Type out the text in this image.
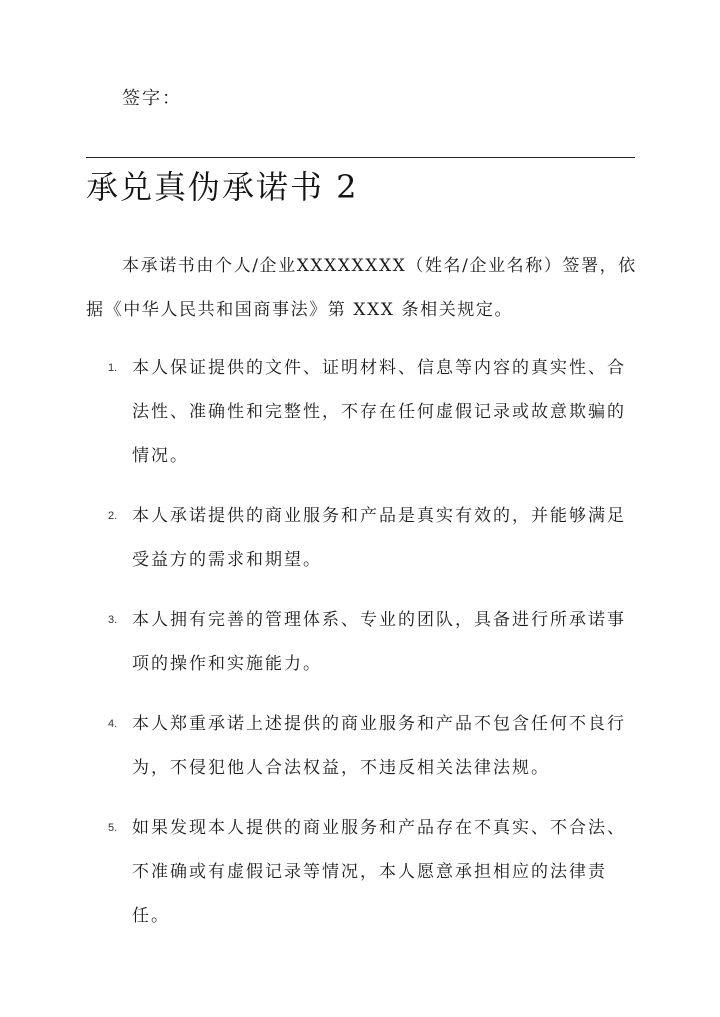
签字：
承兑真伪承诺书 2
本承诺书由个人/企业XXXXXXXX（姓名/企业名称）签署，依
据《中华人民共和国商事法》第 XXX 条相关规定。
1. 本人保证提供的文件、证明材料、信息等内容的真实性、合法性、准确性和完整性，不存在任何虚假记录或故意欺骗的情况。
2. 本人承诺提供的商业服务和产品是真实有效的，并能够满足受益方的需求和期望。
3. 本人拥有完善的管理体系、专业的团队，具备进行所承诺事项的操作和实施能力。
4. 本人郑重承诺上述提供的商业服务和产品不包含任何不良行为，不侵犯他人合法权益，不违反相关法律法规。
5. 如果发现本人提供的商业服务和产品存在不真实、不合法、不准确或有虚假记录等情况，本人愿意承担相应的法律责任。
